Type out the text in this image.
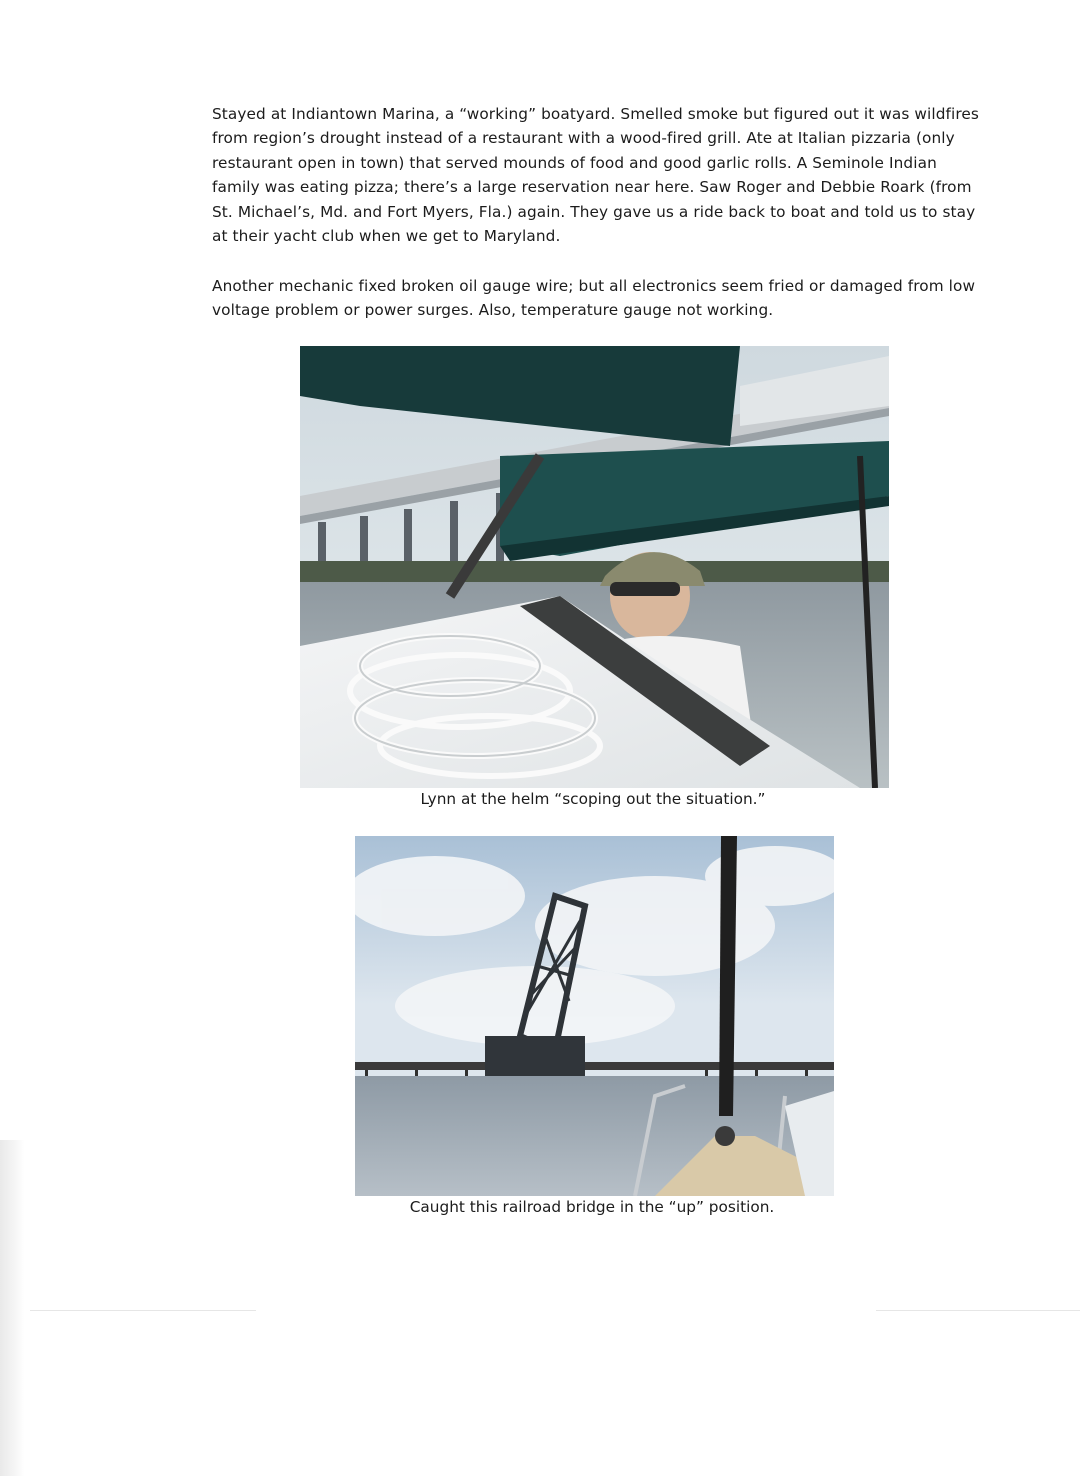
Stayed at Indiantown Marina, a “working” boatyard. Smelled smoke but figured out it was wildfires from region’s drought instead of a restaurant with a wood-fired grill. Ate at Italian pizzaria (only restaurant open in town) that served mounds of food and good garlic rolls. A Seminole Indian family was eating pizza; there’s a large reservation near here. Saw Roger and Debbie Roark (from St. Michael’s, Md. and Fort Myers, Fla.) again. They gave us a ride back to boat and told us to stay at their yacht club when we get to Maryland.

Another mechanic fixed broken oil gauge wire; but all electronics seem fried or damaged from low voltage problem or power surges. Also, temperature gauge not working.

Lynn at the helm “scoping out the situation.”

Caught this railroad bridge in the “up” position.
